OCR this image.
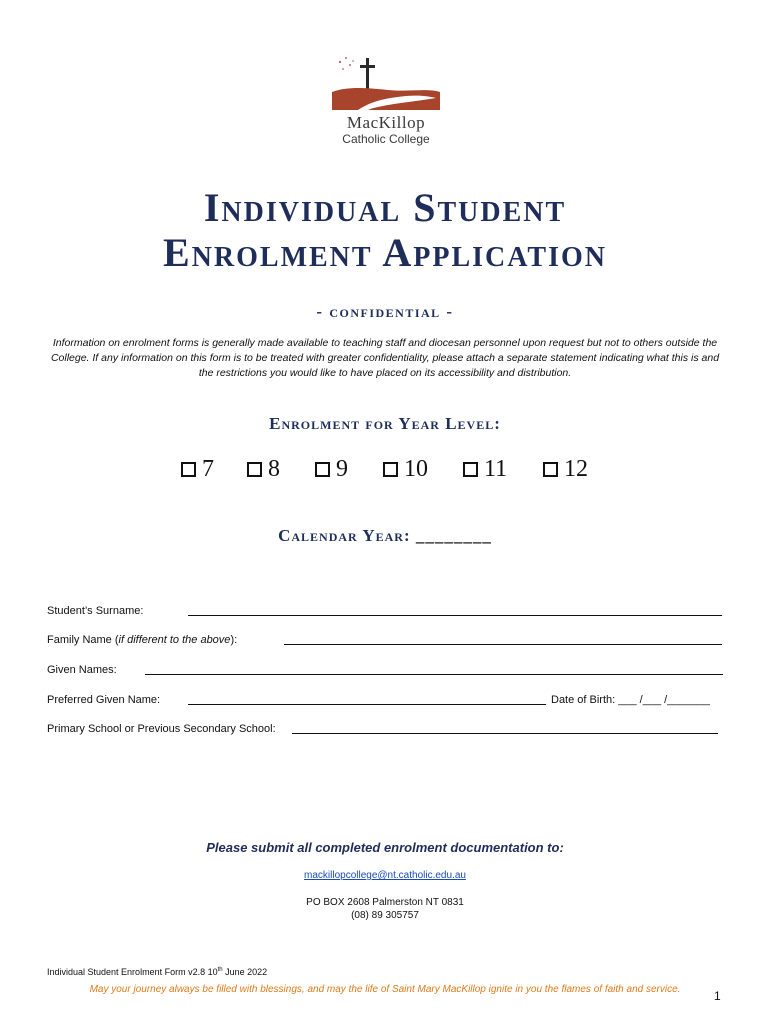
MacKillop
Catholic College
Individual Student
Enrolment Application
- confidential -
Information on enrolment forms is generally made available to teaching staff and diocesan personnel upon request but not to others outside the College. If any information on this form is to be treated with greater confidentiality, please attach a separate statement indicating what this is and the restrictions you would like to have placed on its accessibility and distribution.
Enrolment for Year Level:
7 8 9 10 11 12
Calendar Year: ________
Student’s Surname:
Family Name (if different to the above):
Given Names:
Preferred Given Name:	Date of Birth: ___ /___ /_______
Primary School or Previous Secondary School:
Please submit all completed enrolment documentation to:
mackillopcollege@nt.catholic.edu.au
PO BOX 2608 Palmerston NT 0831
(08) 89 305757
Individual Student Enrolment Form v2.8 10th June 2022
May your journey always be filled with blessings, and may the life of Saint Mary MacKillop ignite in you the flames of faith and service.	1
